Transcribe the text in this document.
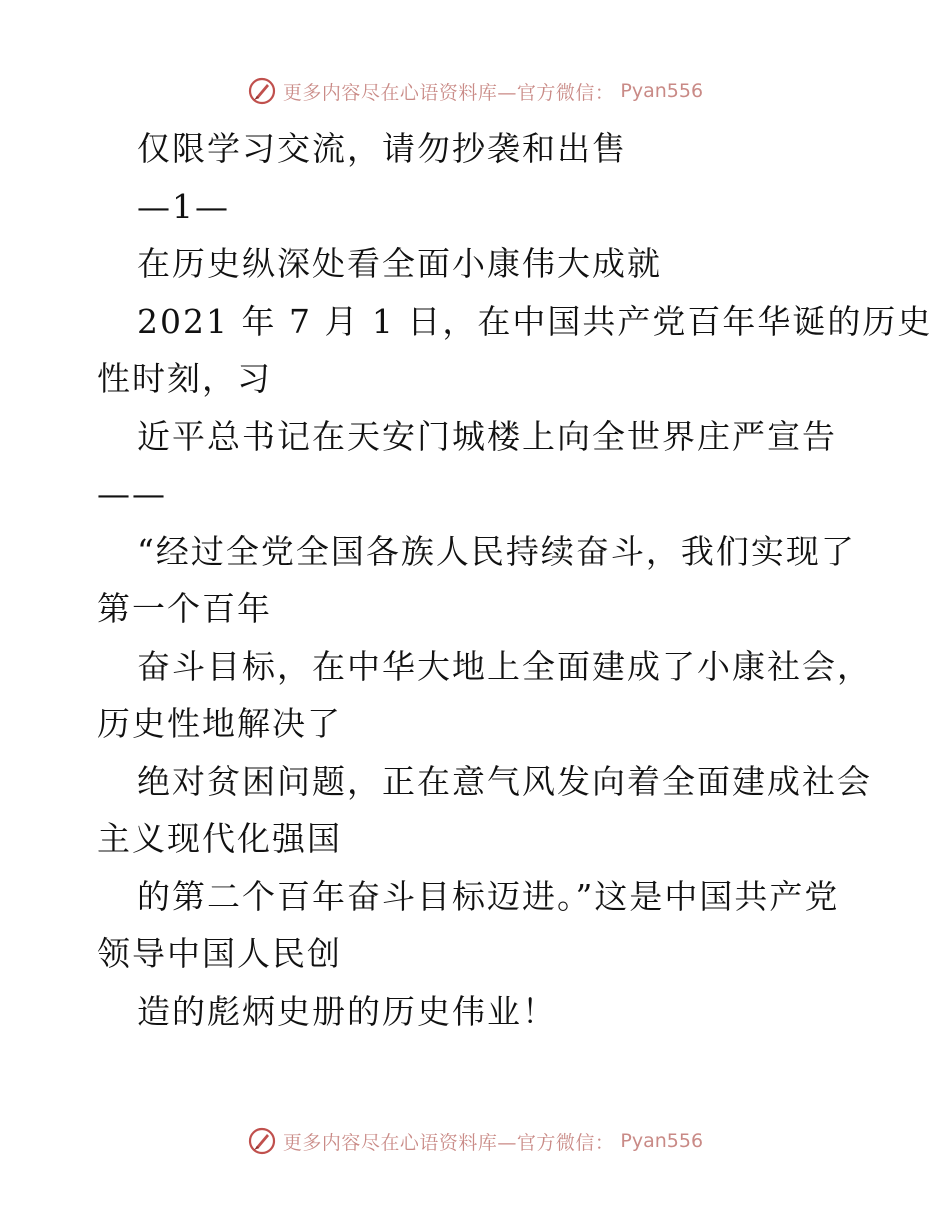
更多内容尽在心语资料库—官方微信： Pyan556

仅限学习交流，请勿抄袭和出售

—1—

在历史纵深处看全面小康伟大成就

2021 年 7 月 1 日，在中国共产党百年华诞的历史

性时刻，习

近平总书记在天安门城楼上向全世界庄严宣告

——

“经过全党全国各族人民持续奋斗，我们实现了

第一个百年

奋斗目标，在中华大地上全面建成了小康社会，

历史性地解决了

绝对贫困问题，正在意气风发向着全面建成社会

主义现代化强国

的第二个百年奋斗目标迈进。”这是中国共产党

领导中国人民创

造的彪炳史册的历史伟业！

更多内容尽在心语资料库—官方微信： Pyan556
